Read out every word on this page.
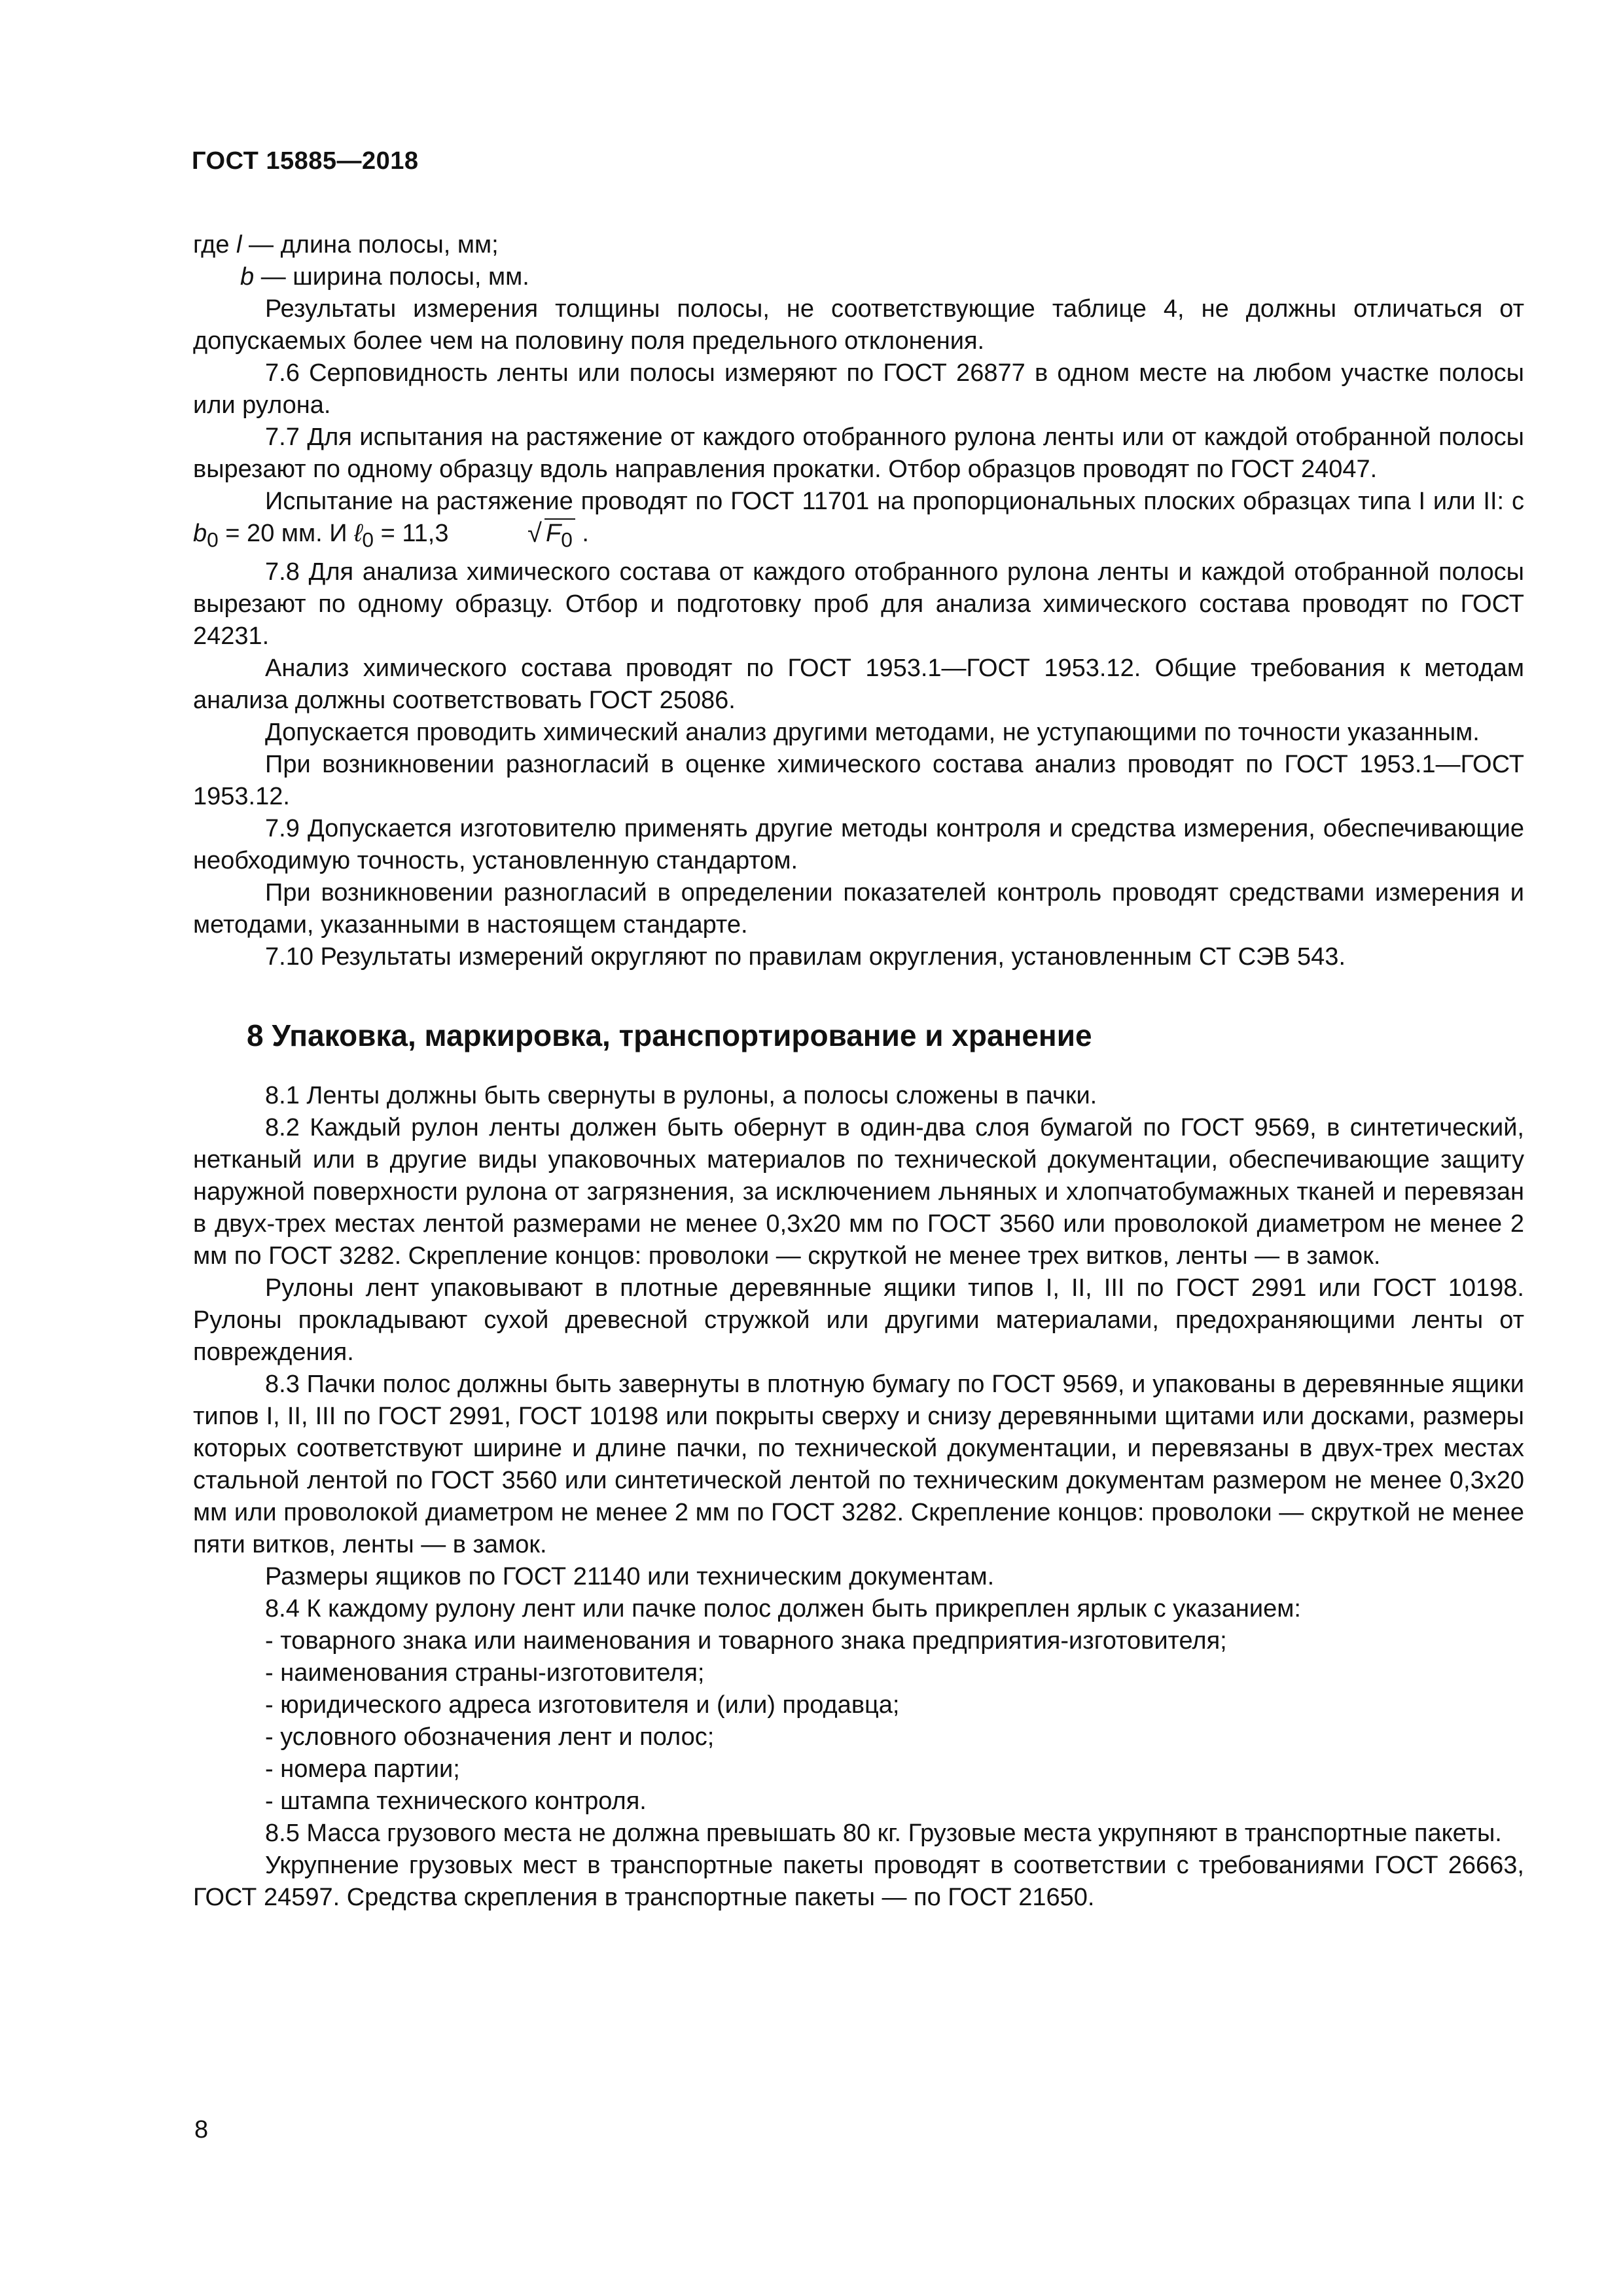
ГОСТ 15885—2018

где l — длина полосы, мм;

b — ширина полосы, мм.

Результаты измерения толщины полосы, не соответствующие таблице 4, не должны отличаться от допускаемых более чем на половину поля предельного отклонения.

7.6 Серповидность ленты или полосы измеряют по ГОСТ 26877 в одном месте на любом участке полосы или рулона.

7.7 Для испытания на растяжение от каждого отобранного рулона ленты или от каждой отобранной полосы вырезают по одному образцу вдоль направления прокатки. Отбор образцов проводят по ГОСТ 24047.

Испытание на растяжение проводят по ГОСТ 11701 на пропорциональных плоских образцах типа I или II: с $b_0 = 20$ мм. И ℓ$_0$ = 11,3	√ $F_0$ .

7.8 Для анализа химического состава от каждого отобранного рулона ленты и каждой отобранной полосы вырезают по одному образцу. Отбор и подготовку проб для анализа химического состава проводят по ГОСТ 24231.

Анализ химического состава проводят по ГОСТ 1953.1—ГОСТ 1953.12. Общие требования к методам анализа должны соответствовать ГОСТ 25086.

Допускается проводить химический анализ другими методами, не уступающими по точности указанным.

При возникновении разногласий в оценке химического состава анализ проводят по ГОСТ 1953.1—ГОСТ 1953.12.

7.9 Допускается изготовителю применять другие методы контроля и средства измерения, обеспечивающие необходимую точность, установленную стандартом.

При возникновении разногласий в определении показателей контроль проводят средствами измерения и методами, указанными в настоящем стандарте.

7.10 Результаты измерений округляют по правилам округления, установленным СТ СЭВ 543.

8 Упаковка, маркировка, транспортирование и хранение

8.1 Ленты должны быть свернуты в рулоны, а полосы сложены в пачки.

8.2 Каждый рулон ленты должен быть обернут в один-два слоя бумагой по ГОСТ 9569, в синтетический, нетканый или в другие виды упаковочных материалов по технической документации, обеспечивающие защиту наружной поверхности рулона от загрязнения, за исключением льняных и хлопчатобумажных тканей и перевязан в двух-трех местах лентой размерами не менее 0,3х20 мм по ГОСТ 3560 или проволокой диаметром не менее 2 мм по ГОСТ 3282. Скрепление концов: проволоки — скруткой не менее трех витков, ленты — в замок.

Рулоны лент упаковывают в плотные деревянные ящики типов I, II, III по ГОСТ 2991 или ГОСТ 10198. Рулоны прокладывают сухой древесной стружкой или другими материалами, предохраняющими ленты от повреждения.

8.3 Пачки полос должны быть завернуты в плотную бумагу по ГОСТ 9569, и упакованы в деревянные ящики типов I, II, III по ГОСТ 2991, ГОСТ 10198 или покрыты сверху и снизу деревянными щитами или досками, размеры которых соответствуют ширине и длине пачки, по технической документации, и перевязаны в двух-трех местах стальной лентой по ГОСТ 3560 или синтетической лентой по техническим документам размером не менее 0,3х20 мм или проволокой диаметром не менее 2 мм по ГОСТ 3282. Скрепление концов: проволоки — скруткой не менее пяти витков, ленты — в замок.

Размеры ящиков по ГОСТ 21140 или техническим документам.

8.4 К каждому рулону лент или пачке полос должен быть прикреплен ярлык с указанием:

- товарного знака или наименования и товарного знака предприятия-изготовителя;

- наименования страны-изготовителя;

- юридического адреса изготовителя и (или) продавца;

- условного обозначения лент и полос;

- номера партии;

- штампа технического контроля.

8.5 Масса грузового места не должна превышать 80 кг. Грузовые места укрупняют в транспортные пакеты.

Укрупнение грузовых мест в транспортные пакеты проводят в соответствии с требованиями ГОСТ 26663, ГОСТ 24597. Средства скрепления в транспортные пакеты — по ГОСТ 21650.

8
